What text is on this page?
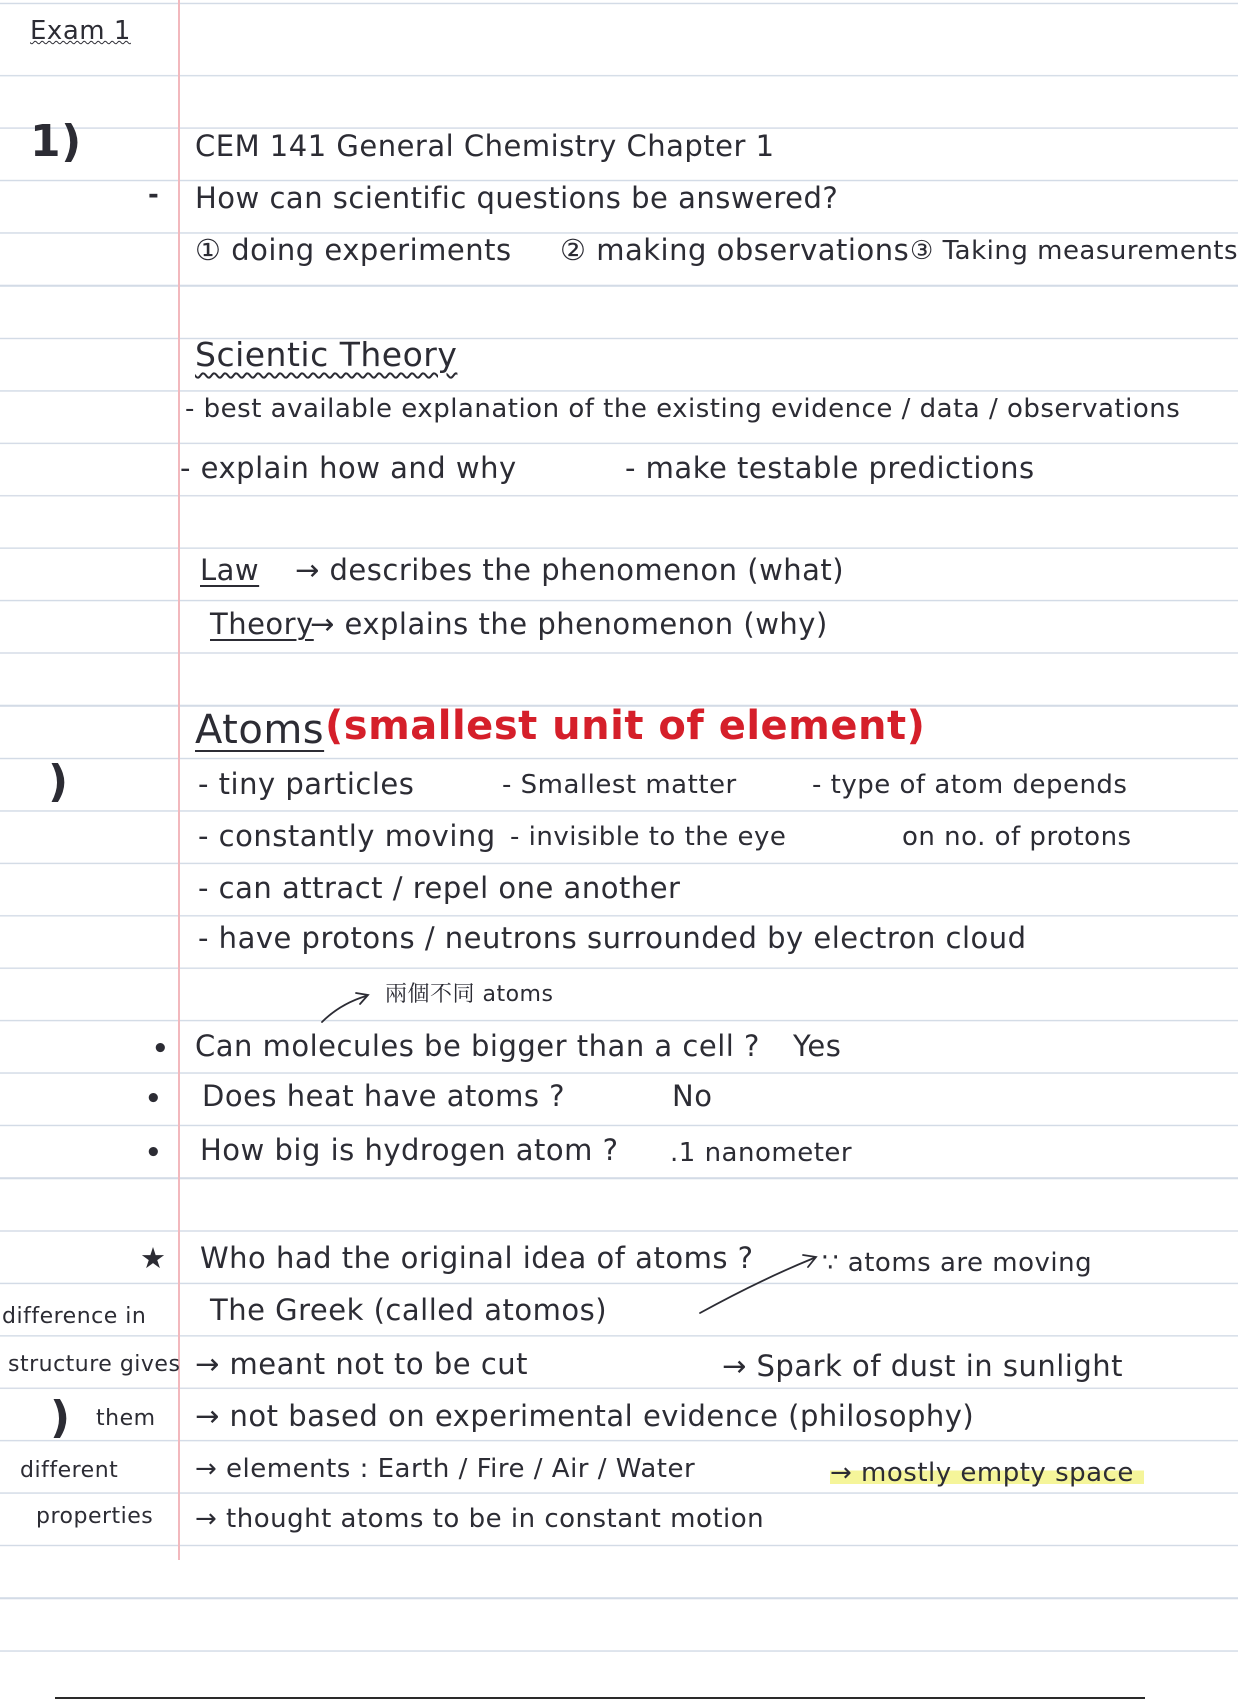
Exam 1
1)	CEM 141 General Chemistry Chapter 1
- How can scientific questions be answered?
① doing experiments ② making observations ③ Taking measurements
Scientic Theory
- best available explanation of the existing evidence / data / observations
- explain how and why	- make testable predictions
Law → describes the phenomenon (what)
Theory
→ explains the phenomenon (why)
Atoms (smallest unit of element)
)	- tiny particles	- Smallest matter	- type of atom depends
- constantly moving - invisible to the eye	on no. of protons
- can attract / repel one another
- have protons / neutrons surrounded by electron cloud
兩個不同 atoms
• Can molecules be bigger than a cell ? Yes
• Does heat have atoms ?	No
• How big is hydrogen atom ? .1 nanometer
★ Who had the original idea of atoms ?	∵ atoms are moving
The Greek (called atomos)
→ meant not to be cut
→ not based on experimental evidence (philosophy)
→ elements : Earth / Fire / Air / Water
→ thought atoms to be in constant motion
→ Spark of dust in sunlight
→ mostly empty space
difference in
structure gives
) them
different
properties
